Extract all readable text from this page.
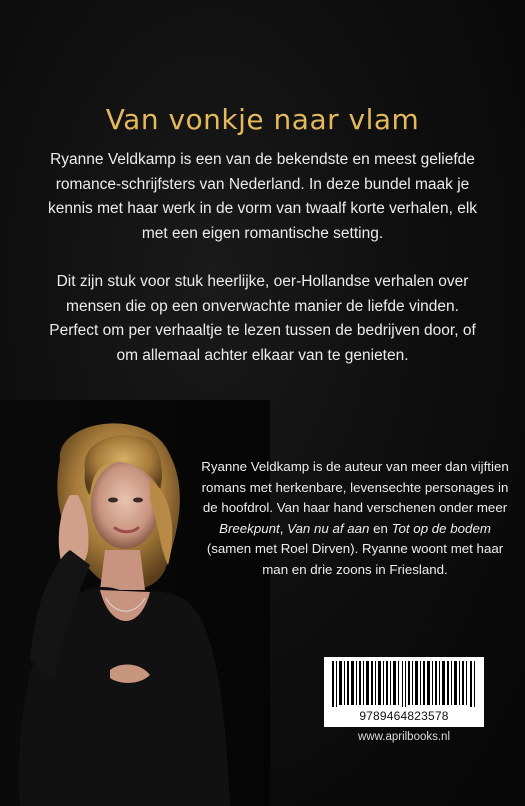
Van vonkje naar vlam

Ryanne Veldkamp is een van de bekendste en meest geliefde romance-schrijfsters van Nederland. In deze bundel maak je kennis met haar werk in de vorm van twaalf korte verhalen, elk met een eigen romantische setting.

Dit zijn stuk voor stuk heerlijke, oer-Hollandse verhalen over mensen die op een onverwachte manier de liefde vinden. Perfect om per verhaaltje te lezen tussen de bedrijven door, of om allemaal achter elkaar van te genieten.

Ryanne Veldkamp is de auteur van meer dan vijftien romans met herkenbare, levensechte personages in de hoofdrol. Van haar hand verschenen onder meer Breekpunt, Van nu af aan en Tot op de bodem (samen met Roel Dirven). Ryanne woont met haar man en drie zoons in Friesland.

9789464823578
www.aprilbooks.nl
